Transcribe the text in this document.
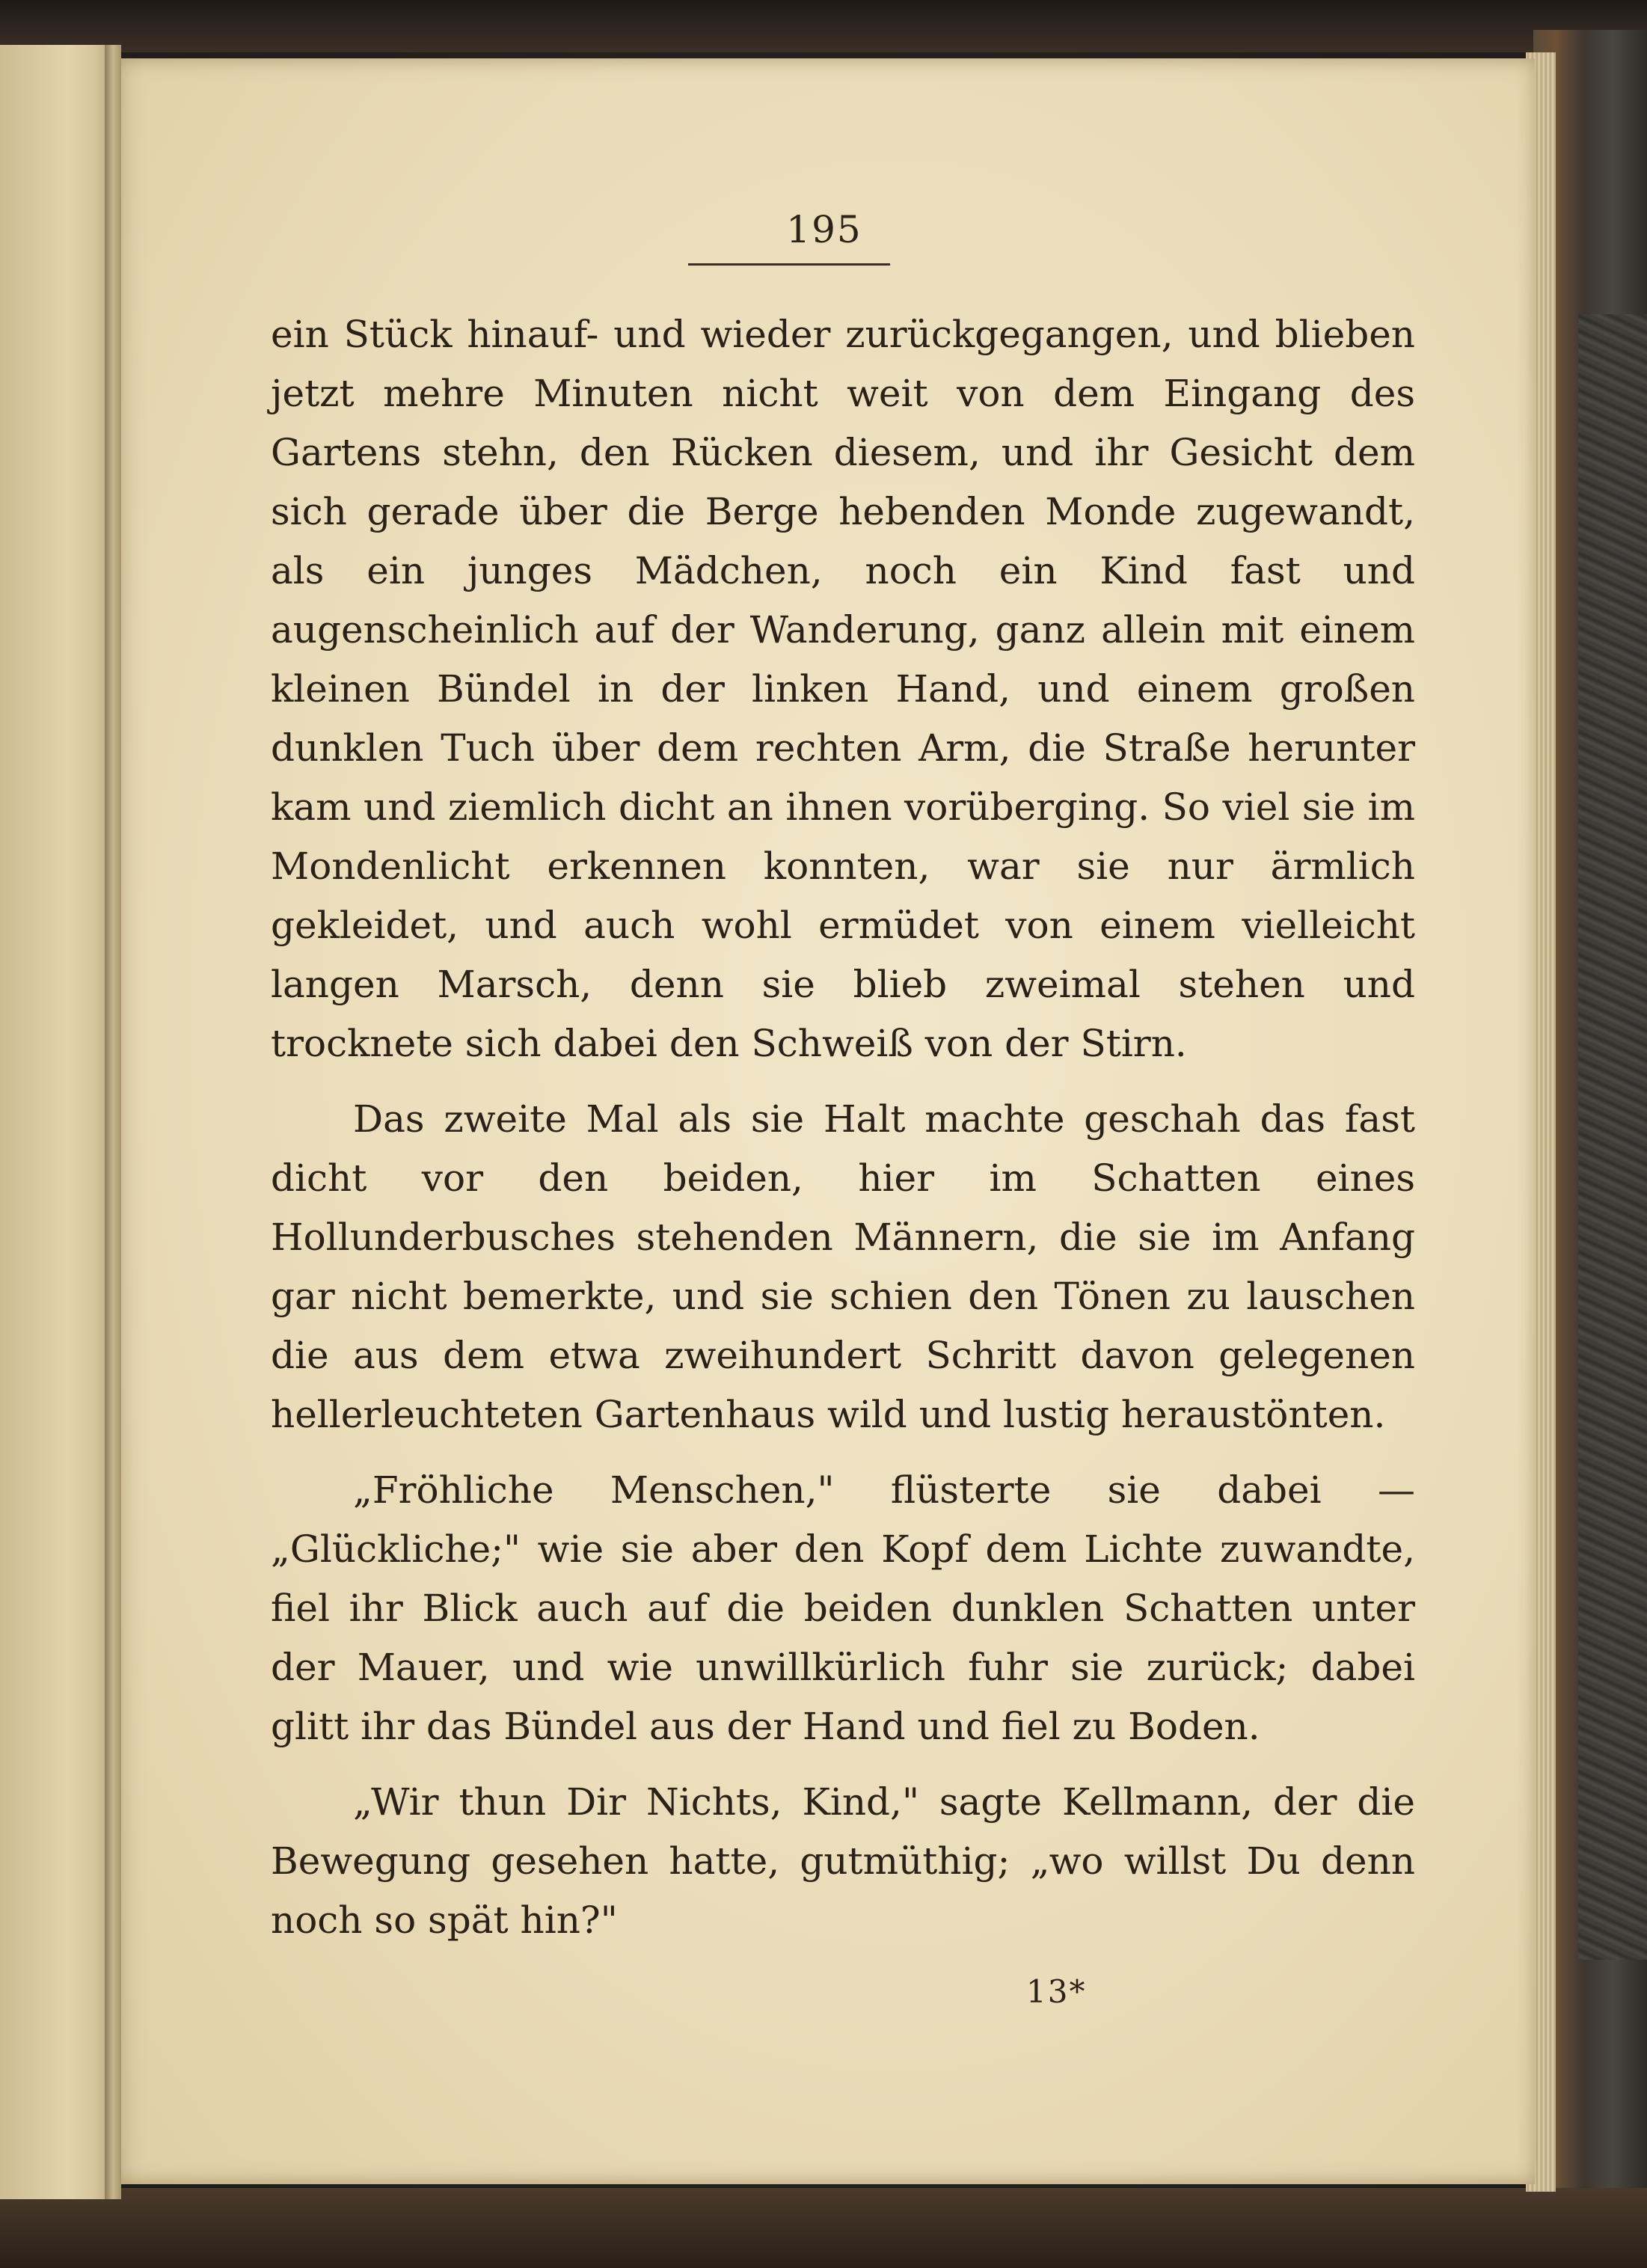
195

ein Stück hinauf- und wieder zurückgegangen, und blieben jetzt mehre Minuten nicht weit von dem Eingang des Gartens stehn, den Rücken diesem, und ihr Gesicht dem sich gerade über die Berge hebenden Monde zugewandt, als ein junges Mädchen, noch ein Kind fast und augenscheinlich auf der Wanderung, ganz allein mit einem kleinen Bündel in der linken Hand, und einem großen dunklen Tuch über dem rechten Arm, die Straße herunter kam und ziemlich dicht an ihnen vorüberging. So viel sie im Mondenlicht erkennen konnten, war sie nur ärmlich gekleidet, und auch wohl ermüdet von einem vielleicht langen Marsch, denn sie blieb zweimal stehen und trocknete sich dabei den Schweiß von der Stirn.

Das zweite Mal als sie Halt machte geschah das fast dicht vor den beiden, hier im Schatten eines Hollunderbusches stehenden Männern, die sie im Anfang gar nicht bemerkte, und sie schien den Tönen zu lauschen die aus dem etwa zweihundert Schritt davon gelegenen hellerleuchteten Gartenhaus wild und lustig heraustönten.

„Fröhliche Menschen," flüsterte sie dabei — „Glückliche;" wie sie aber den Kopf dem Lichte zuwandte, fiel ihr Blick auch auf die beiden dunklen Schatten unter der Mauer, und wie unwillkürlich fuhr sie zurück; dabei glitt ihr das Bündel aus der Hand und fiel zu Boden.

„Wir thun Dir Nichts, Kind," sagte Kellmann, der die Bewegung gesehen hatte, gutmüthig; „wo willst Du denn noch so spät hin?"

13*
